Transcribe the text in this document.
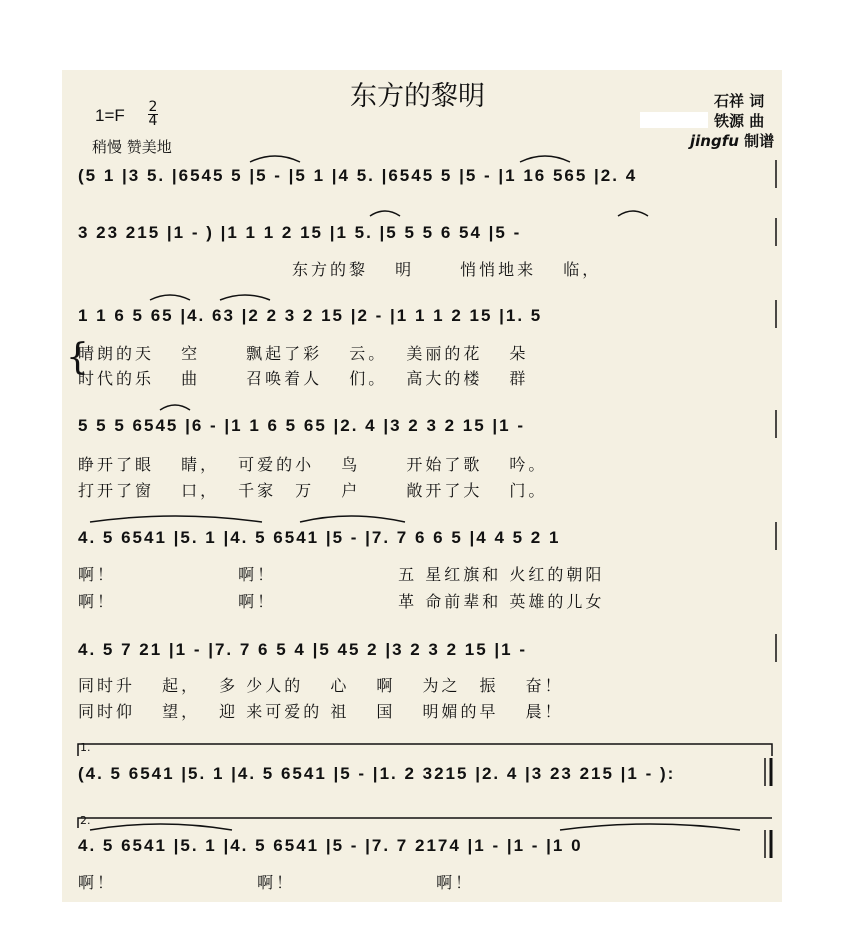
东方的黎明
1=F 2
4
稍慢 赞美地
石祥 词
铁源 曲
jingfu 制谱
(5 1 |3 5. |6545 5 |5 - |5 1 |4 5. |6545 5 |5 - |1 16 565 |2. 4
3 23 215 |1 - ) |1 1 1 2 15 |1 5. |5 5 5 6 54 |5 -
东方的黎　 明　　 悄悄地来　 临，
1 1 6 5 65 |4. 63 |2 2 3 2 15 |2 - |1 1 1 2 15 |1. 5
{
晴朗的天　 空　　 飘起了彩　 云。　 美丽的花　 朵
时代的乐　 曲　　 召唤着人　 们。　 高大的楼　 群
5 5 5 6545 |6 - |1 1 6 5 65 |2. 4 |3 2 3 2 15 |1 -
睁开了眼　 睛，　 可爱的小　 鸟　　 开始了歌　 吟。
打开了窗　 口，　 千家　万　 户　　 敞开了大　 门。
4. 5 6541 |5. 1 |4. 5 6541 |5 - |7. 7 6 6 5 |4 4 5 2 1
啊！　　　　　　 啊！　　　　　　 五 星红旗和 火红的朝阳
啊！　　　　　　 啊！　　　　　　 革 命前辈和 英雄的儿女
4. 5 7 21 |1 - |7. 7 6 5 4 |5 45 2 |3 2 3 2 15 |1 -
同时升　 起，　 多 少人的　 心　 啊　 为之　振　 奋！
同时仰　 望，　 迎 来可爱的 祖　 国　 明媚的早　 晨！
1.
(4. 5 6541 |5. 1 |4. 5 6541 |5 - |1. 2 3215 |2. 4 |3 23 215 |1 - ):
2.
4. 5 6541 |5. 1 |4. 5 6541 |5 - |7. 7 2174 |1 - |1 - |1 0
啊！　　　　　　　 啊！　　　　　　　 啊！
